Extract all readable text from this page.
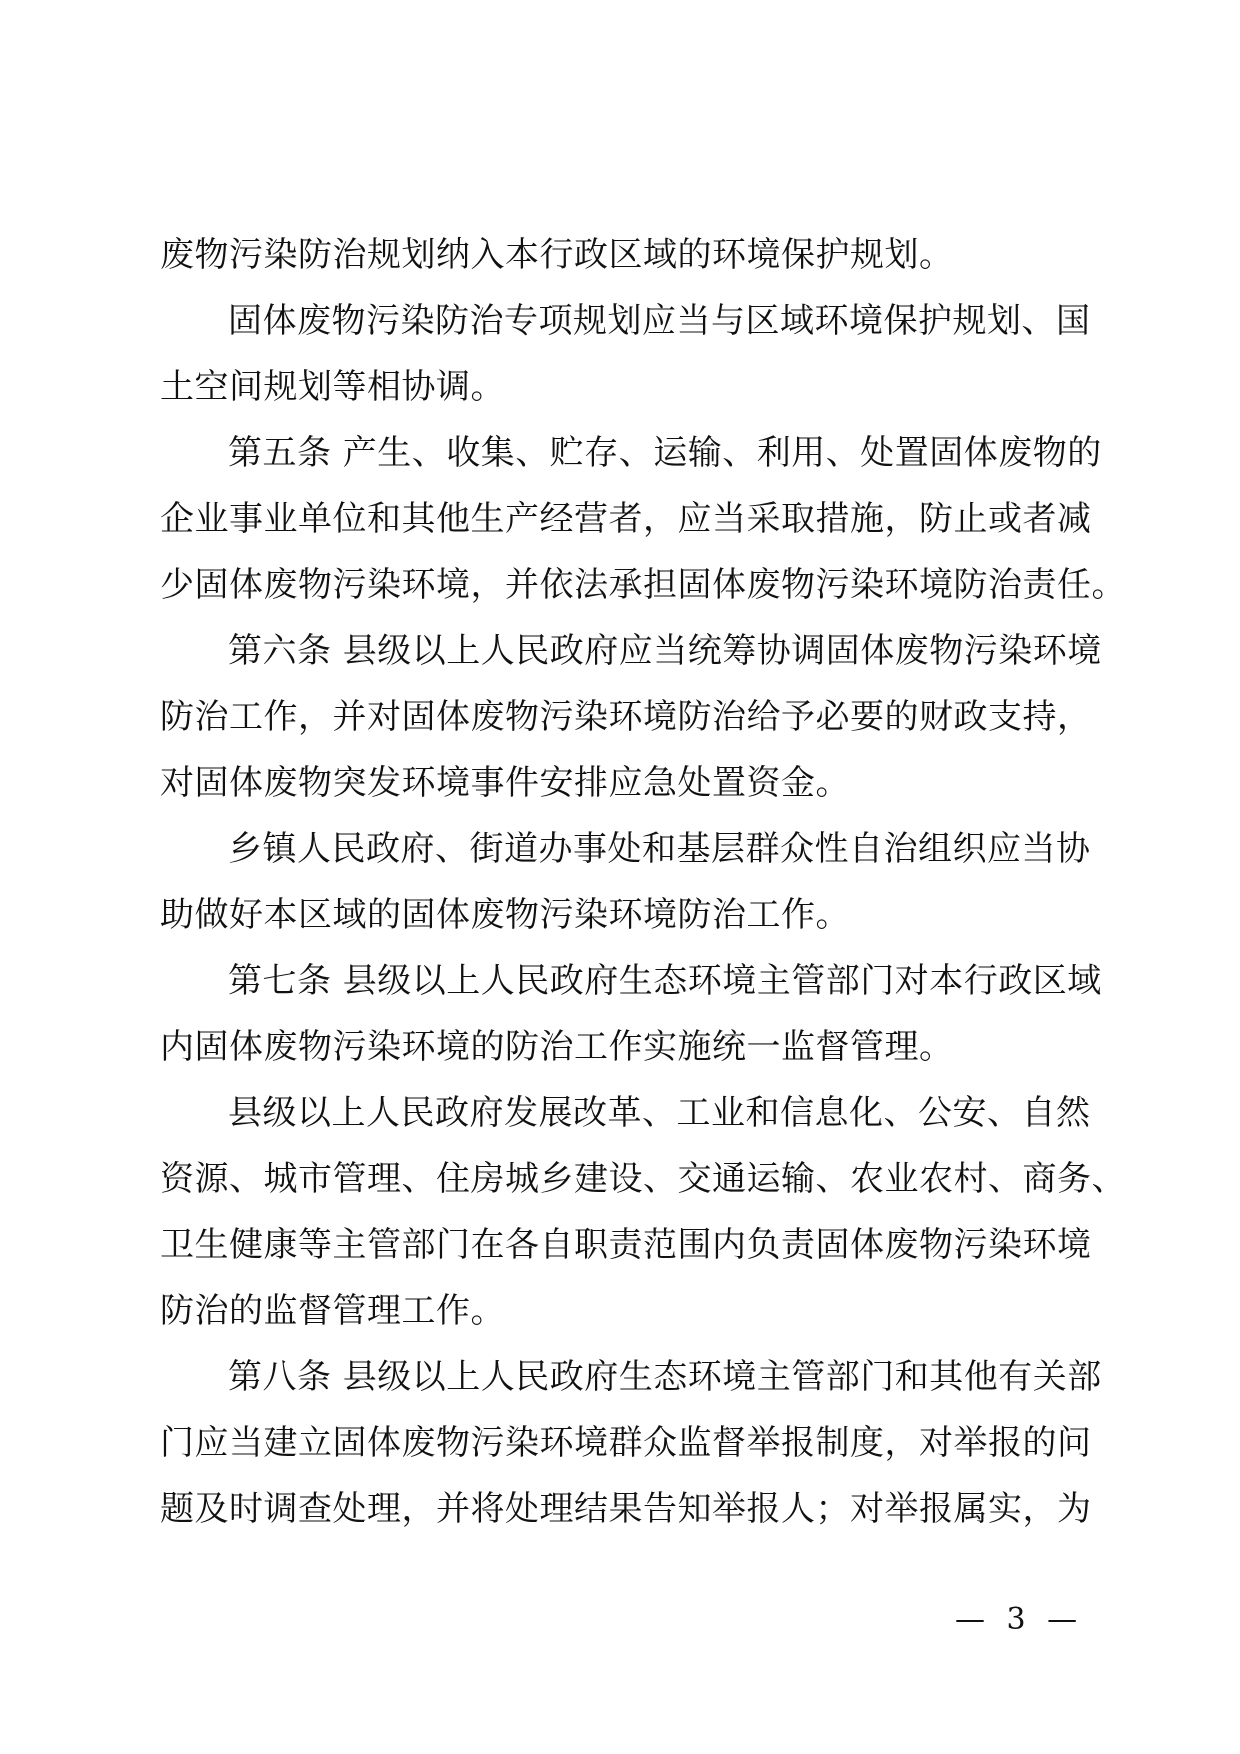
废物污染防治规划纳入本行政区域的环境保护规划。
固体废物污染防治专项规划应当与区域环境保护规划、国
土空间规划等相协调。
第五条 产生、收集、贮存、运输、利用、处置固体废物的
企业事业单位和其他生产经营者，应当采取措施，防止或者减
少固体废物污染环境，并依法承担固体废物污染环境防治责任。
第六条 县级以上人民政府应当统筹协调固体废物污染环境
防治工作，并对固体废物污染环境防治给予必要的财政支持，
对固体废物突发环境事件安排应急处置资金。
乡镇人民政府、街道办事处和基层群众性自治组织应当协
助做好本区域的固体废物污染环境防治工作。
第七条 县级以上人民政府生态环境主管部门对本行政区域
内固体废物污染环境的防治工作实施统一监督管理。
县级以上人民政府发展改革、工业和信息化、公安、自然
资源、城市管理、住房城乡建设、交通运输、农业农村、商务、
卫生健康等主管部门在各自职责范围内负责固体废物污染环境
防治的监督管理工作。
第八条 县级以上人民政府生态环境主管部门和其他有关部
门应当建立固体废物污染环境群众监督举报制度，对举报的问
题及时调查处理，并将处理结果告知举报人；对举报属实，为
— 3 —
